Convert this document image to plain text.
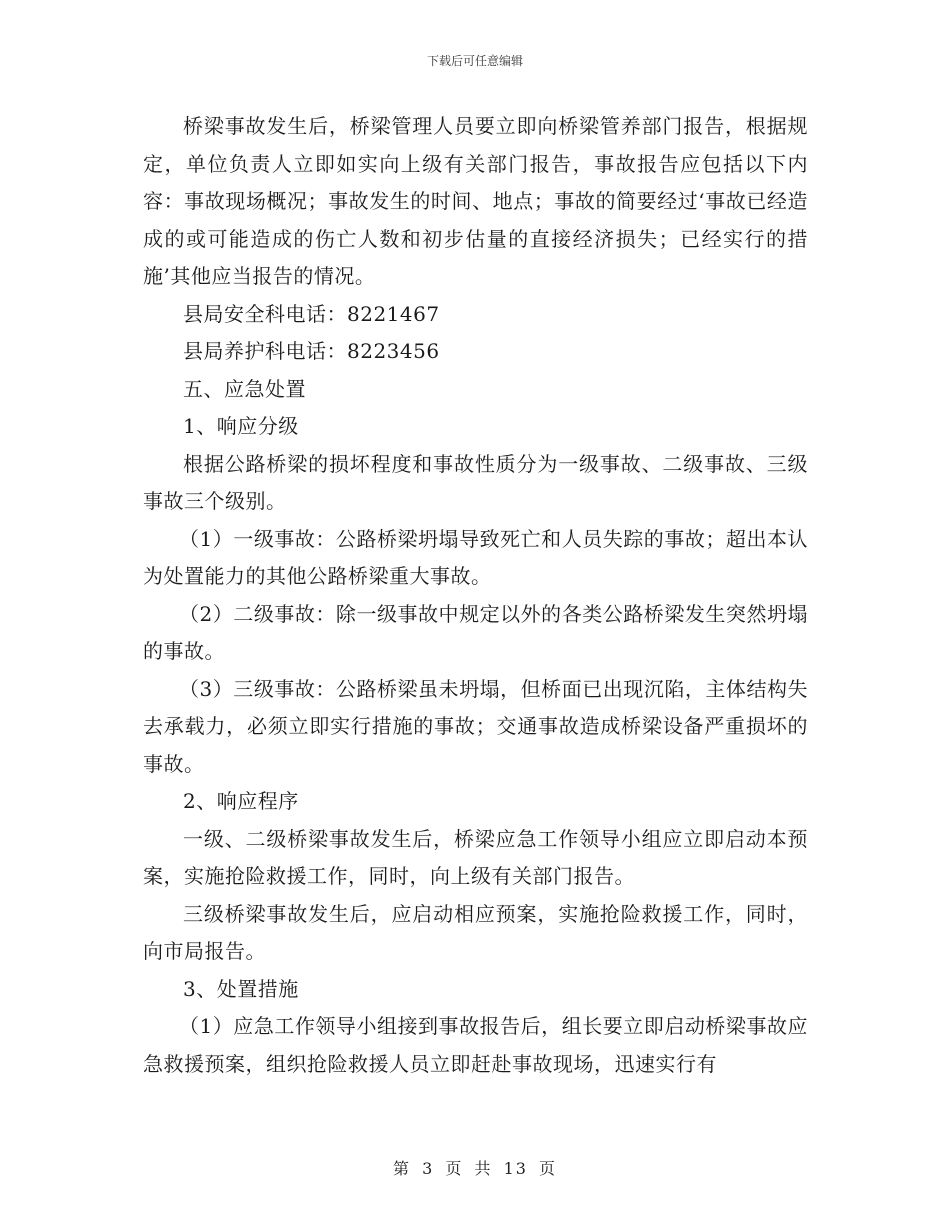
下载后可任意编辑

桥梁事故发生后，桥梁管理人员要立即向桥梁管养部门报告，根据规定，单位负责人立即如实向上级有关部门报告，事故报告应包括以下内容：事故现场概况；事故发生的时间、地点；事故的简要经过‘事故已经造成的或可能造成的伤亡人数和初步估量的直接经济损失；已经实行的措施’其他应当报告的情况。

县局安全科电话：8221467

县局养护科电话：8223456

五、应急处置

1、响应分级

根据公路桥梁的损坏程度和事故性质分为一级事故、二级事故、三级事故三个级别。

（1）一级事故：公路桥梁坍塌导致死亡和人员失踪的事故；超出本认为处置能力的其他公路桥梁重大事故。

（2）二级事故：除一级事故中规定以外的各类公路桥梁发生突然坍塌的事故。

（3）三级事故：公路桥梁虽未坍塌，但桥面已出现沉陷，主体结构失去承载力，必须立即实行措施的事故；交通事故造成桥梁设备严重损坏的事故。

2、响应程序

一级、二级桥梁事故发生后，桥梁应急工作领导小组应立即启动本预案，实施抢险救援工作，同时，向上级有关部门报告。

三级桥梁事故发生后，应启动相应预案，实施抢险救援工作，同时，向市局报告。

3、处置措施

（1）应急工作领导小组接到事故报告后，组长要立即启动桥梁事故应急救援预案，组织抢险救援人员立即赶赴事故现场，迅速实行有

第 3 页 共 13 页
